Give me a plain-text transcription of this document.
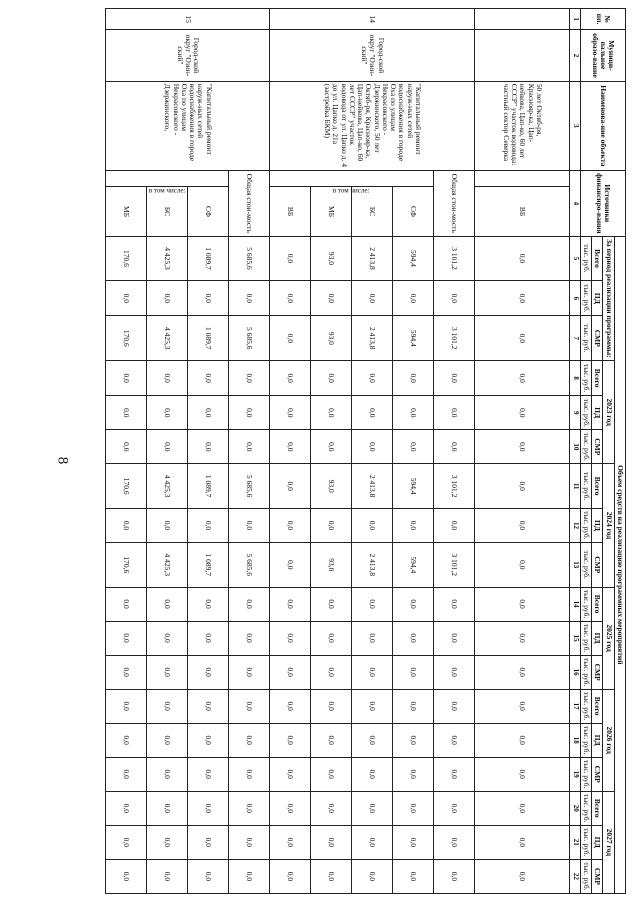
8
№ пп.	Муници-пальное образо-вание	Наименова-ние объекта	Источники финансиро-вания		Объем средств на реализацию программных мероприятий																	
					За период реализации программы:			2023 год			2024 год			2025 год			2026 год			2027 год		
					Всего	ПД	СМР	Всего	ПД	СМР	Всего	ПД	СМР	Всего	ПД	СМР	Всего	ПД	СМР	Всего	ПД	СМР
					тыс. руб.	тыс. руб.	тыс. руб.	тыс. руб.	тыс. руб.	тыс. руб.	тыс. руб.	тыс. руб.	тыс. руб.	тыс. руб.	тыс. руб.	тыс. руб.	тыс. руб.	тыс. руб.	тыс. руб.	тыс. руб.	тыс. руб.	тыс. руб.
1	2	3	4		5	6	7	8	9	10	11	12	13	14	15	16	17	18	19	20	21	22
		50 лет Октяб-ря, Краснояр-ка, Цап-нейкова, Цап-ко, 60 лет СССР" участок водовода: частный сектор Северка		ВБ	0,0	0,0	0,0	0,0	0,0	0,0	0,0	0,0	0,0	0,0	0,0	0,0	0,0	0,0	0,0	0,0	0,0	0,0
14	Город-ской округ "Озин-ский"	"Капитальный ремонт наруж-ных сетей водоснабжения в городе Оха по улицам Некрасовского - Дзержинского, 50 лет Октяб-ря, Краснояр-ка, Цап-нейкова, Цап-ко, 60 лет СССР" участок водовода от ул. Цапко д. 4 до ул. Цапко д. 21а (застройка БКМ)	Общая стои-мость		3 101,2	0,0	3 101,2	0,0	0,0	0,0	3 101,2	0,0	3 101,2	0,0	0,0	0,0	0,0	0,0	0,0	0,0	0,0	0,0
			в том числе:	СФ	594,4	0,0	594,4	0,0	0,0	0,0	594,4	0,0	594,4	0,0	0,0	0,0	0,0	0,0	0,0	0,0	0,0	0,0
				БС	2 413,8	0,0	2 413,8	0,0	0,0	0,0	2 413,8	0,0	2 413,8	0,0	0,0	0,0	0,0	0,0	0,0	0,0	0,0	0,0
				МБ	93,0	0,0	93,0	0,0	0,0	0,0	93,0	0,0	93,0	0,0	0,0	0,0	0,0	0,0	0,0	0,0	0,0	0,0
				ВБ	0,0	0,0	0,0	0,0	0,0	0,0	0,0	0,0	0,0	0,0	0,0	0,0	0,0	0,0	0,0	0,0	0,0	0,0
15	Город-ской округ "Озин-ский"	"Капитальный ремонт наруж-ных сетей водоснабжения в городе Оха по улицам Некрасовского - Дзержинского,	Общая стои-мость		5 685,6	0,0	5 685,6	0,0	0,0	0,0	5 685,6	0,0	5 685,6	0,0	0,0	0,0	0,0	0,0	0,0	0,0	0,0	0,0
			в том числе:	СФ	1 089,7	0,0	1 089,7	0,0	0,0	0,0	1 089,7	0,0	1 089,7	0,0	0,0	0,0	0,0	0,0	0,0	0,0	0,0	0,0
				БС	4 425,3	0,0	4 425,3	0,0	0,0	0,0	4 425,3	0,0	4 425,3	0,0	0,0	0,0	0,0	0,0	0,0	0,0	0,0	0,0
				МБ	170,6	0,0	170,6	0,0	0,0	0,0	170,6	0,0	170,6	0,0	0,0	0,0	0,0	0,0	0,0	0,0	0,0	0,0
